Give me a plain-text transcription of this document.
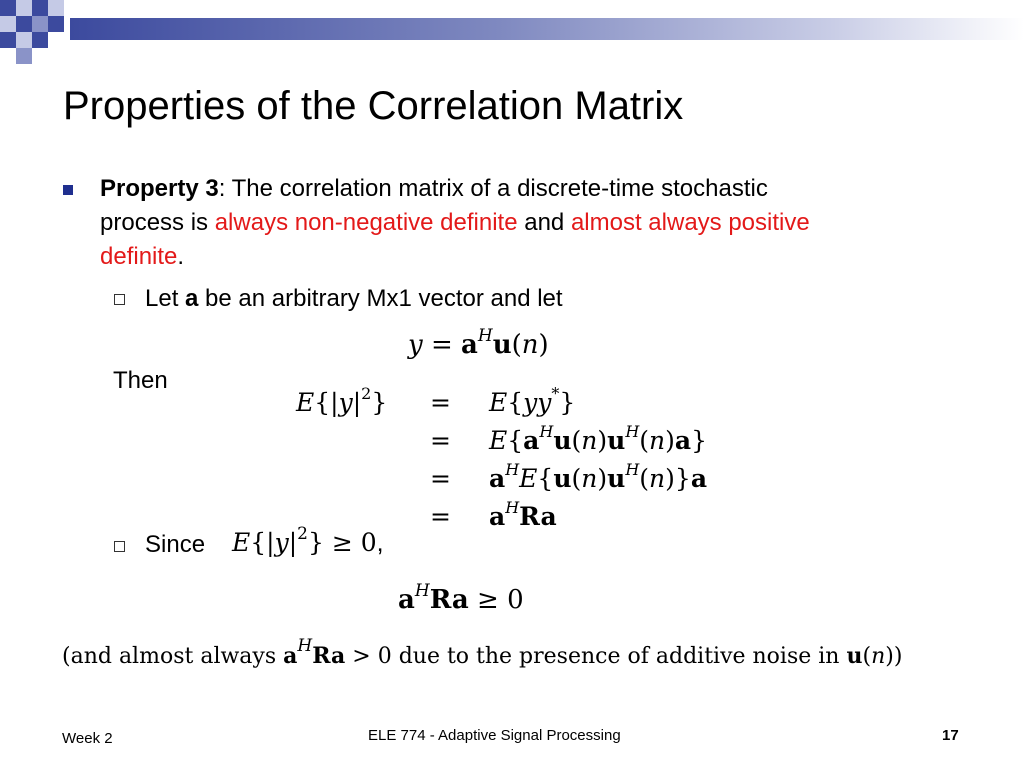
Properties of the Correlation Matrix
Property 3: The correlation matrix of a discrete-time stochastic
process is always non-negative definite and almost always positive
definite.
Let a be an arbitrary Mx1 vector and let
$y = a^Hu(n)$
Then
$E\{|y|^2\} = E\{yy^*\}$
= $E\{a^Hu(n)u^H(n)a\}$
= $a^HE\{u(n)u^H(n)\}a$
= $a^HRa$
Since $E\{|y|^2\} \ge 0$,
$a^HRa \ge 0$
(and almost always $a^HRa > 0$ due to the presence of additive noise in u(n))
Week 2	ELE 774 - Adaptive Signal Processing	17
